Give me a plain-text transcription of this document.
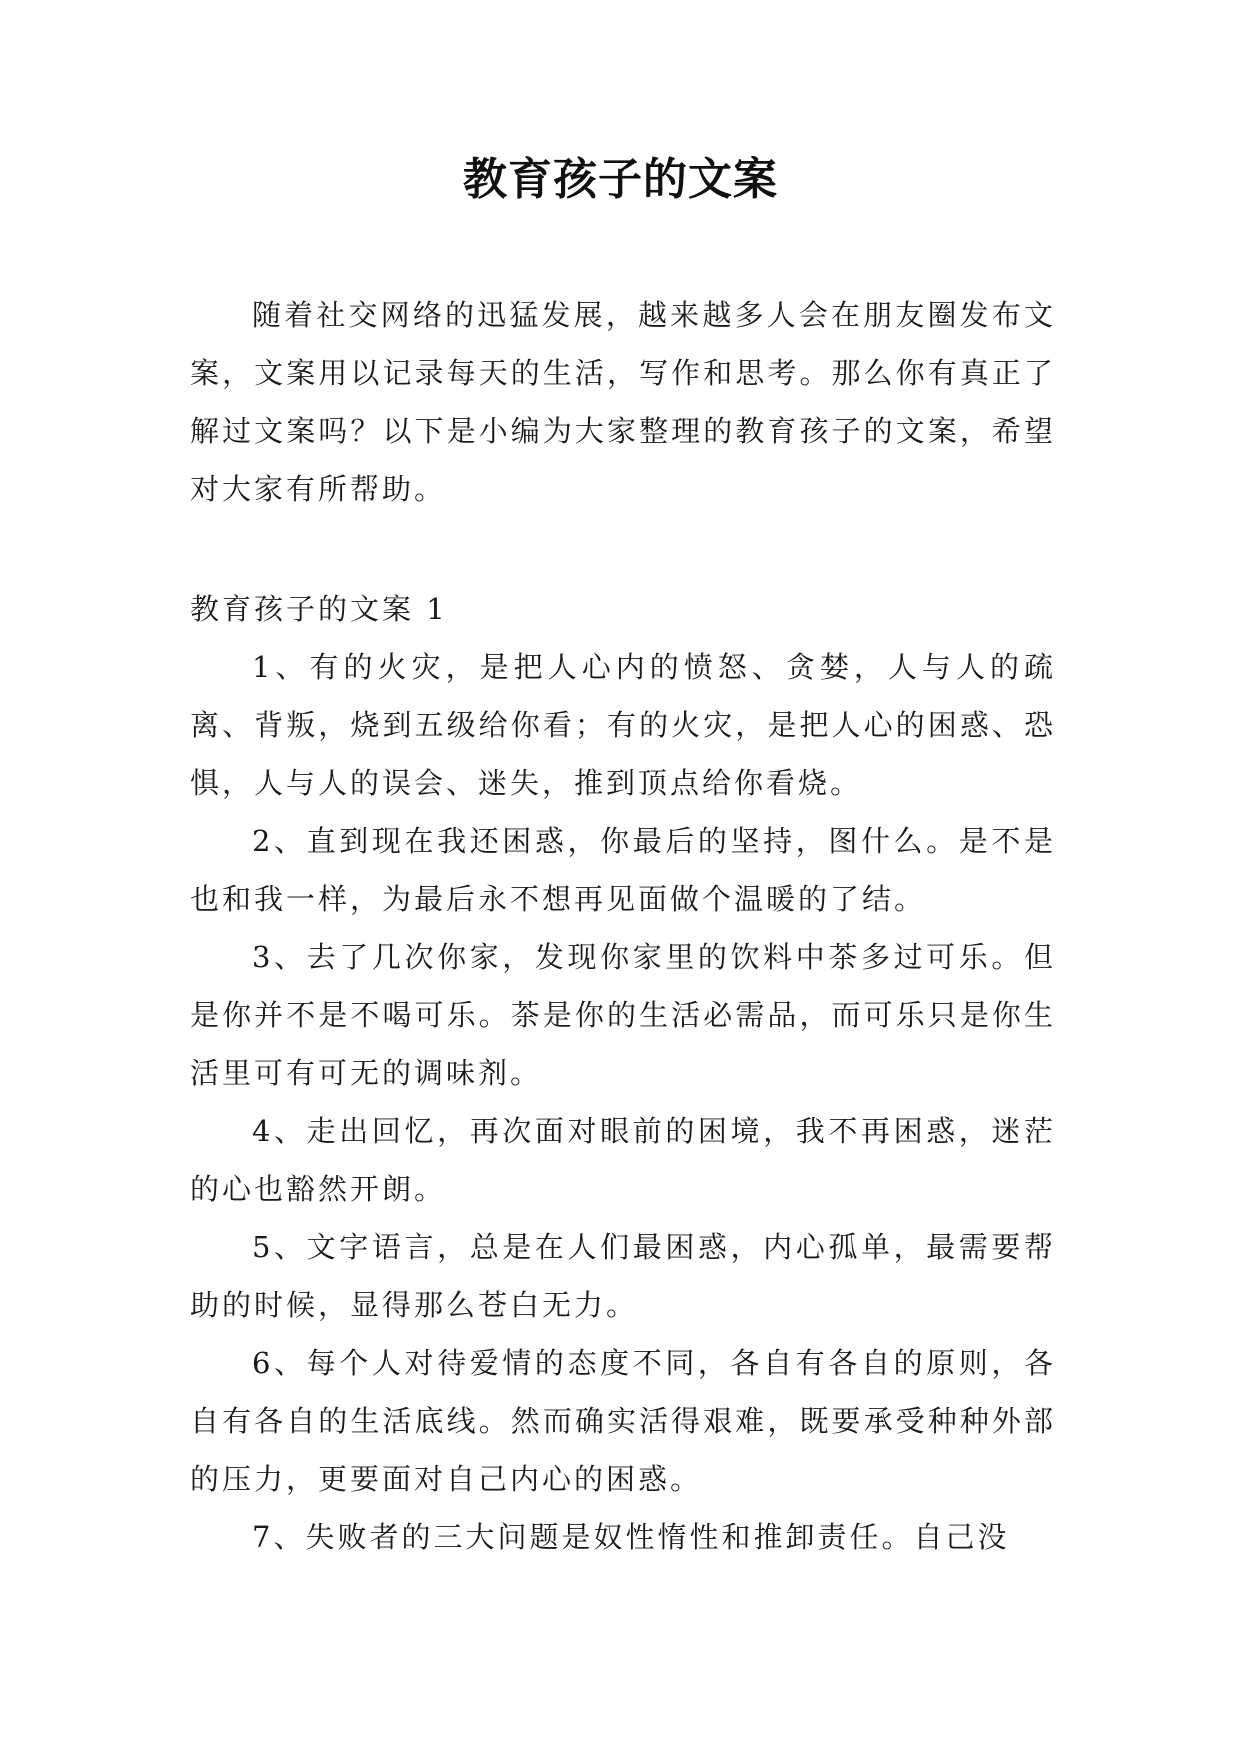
教育孩子的文案

随着社交网络的迅猛发展，越来越多人会在朋友圈发布文案，文案用以记录每天的生活，写作和思考。那么你有真正了解过文案吗？以下是小编为大家整理的教育孩子的文案，希望对大家有所帮助。

教育孩子的文案 1

1、有的火灾，是把人心内的愤怒、贪婪，人与人的疏离、背叛，烧到五级给你看；有的火灾，是把人心的困惑、恐惧，人与人的误会、迷失，推到顶点给你看烧。

2、直到现在我还困惑，你最后的坚持，图什么。是不是也和我一样，为最后永不想再见面做个温暖的了结。

3、去了几次你家，发现你家里的饮料中茶多过可乐。但是你并不是不喝可乐。茶是你的生活必需品，而可乐只是你生活里可有可无的调味剂。

4、走出回忆，再次面对眼前的困境，我不再困惑，迷茫的心也豁然开朗。

5、文字语言，总是在人们最困惑，内心孤单，最需要帮助的时候，显得那么苍白无力。

6、每个人对待爱情的态度不同，各自有各自的原则，各自有各自的生活底线。然而确实活得艰难，既要承受种种外部的压力，更要面对自己内心的困惑。

7、失败者的三大问题是奴性惰性和推卸责任。自己没
